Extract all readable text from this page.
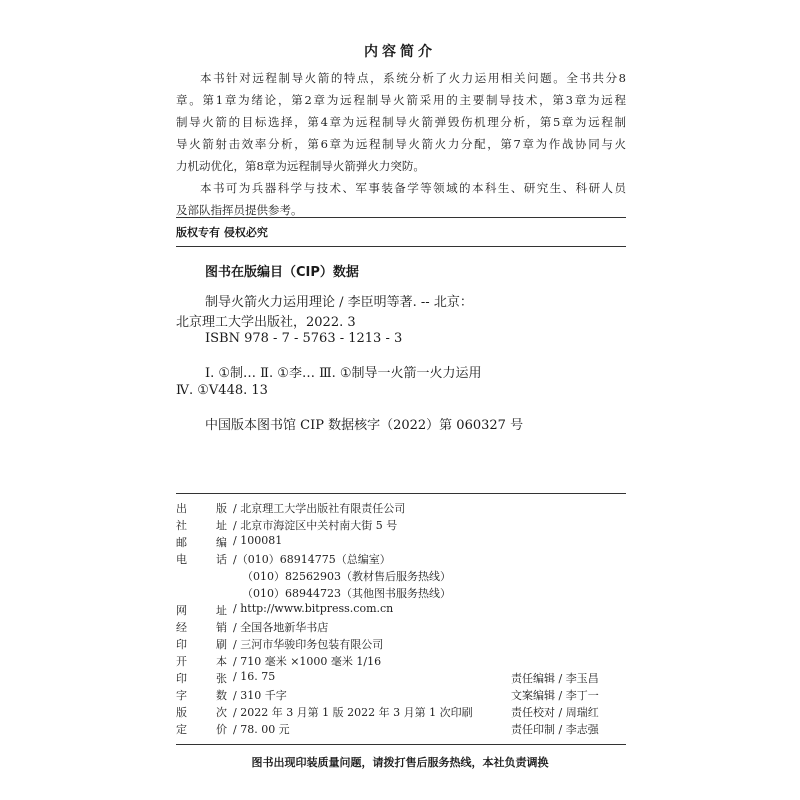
内容简介

本书针对远程制导火箭的特点，系统分析了火力运用相关问题。全书共分8

章。第1章为绪论，第2章为远程制导火箭采用的主要制导技术，第3章为远程

制导火箭的目标选择，第4章为远程制导火箭弹毁伤机理分析，第5章为远程制

导火箭射击效率分析，第6章为远程制导火箭火力分配，第7章为作战协同与火

力机动优化，第8章为远程制导火箭弹火力突防。

本书可为兵器科学与技术、军事装备学等领域的本科生、研究生、科研人员

及部队指挥员提供参考。

版权专有 侵权必究
图书在版编目（CIP）数据
制导火箭火力运用理论 / 李臣明等著. -- 北京：
北京理工大学出版社，2022. 3
ISBN 978 - 7 - 5763 - 1213 - 3
Ⅰ. ①制… Ⅱ. ①李… Ⅲ. ①制导一火箭一火力运用
Ⅳ. ①V448. 13
中国版本图书馆 CIP 数据核字（2022）第 060327 号
出	版 / 北京理工大学出版社有限责任公司
社	址 / 北京市海淀区中关村南大街 5 号
邮	编 / 100081
电	话 /（010）68914775（总编室）
（010）82562903（教材售后服务热线）
（010）68944723（其他图书服务热线）
网	址 / http://www.bitpress.com.cn
经	销 / 全国各地新华书店
印	刷 / 三河市华骏印务包装有限公司
开	本 / 710 毫米 ×1000 毫米 1/16
印	张 / 16. 75	责任编辑 / 李玉昌
字	数 / 310 千字	文案编辑 / 李丁一
版	次 / 2022 年 3 月第 1 版 2022 年 3 月第 1 次印刷	责任校对 / 周瑞红
定	价 / 78. 00 元	责任印制 / 李志强
图书出现印装质量问题，请拨打售后服务热线，本社负责调换
